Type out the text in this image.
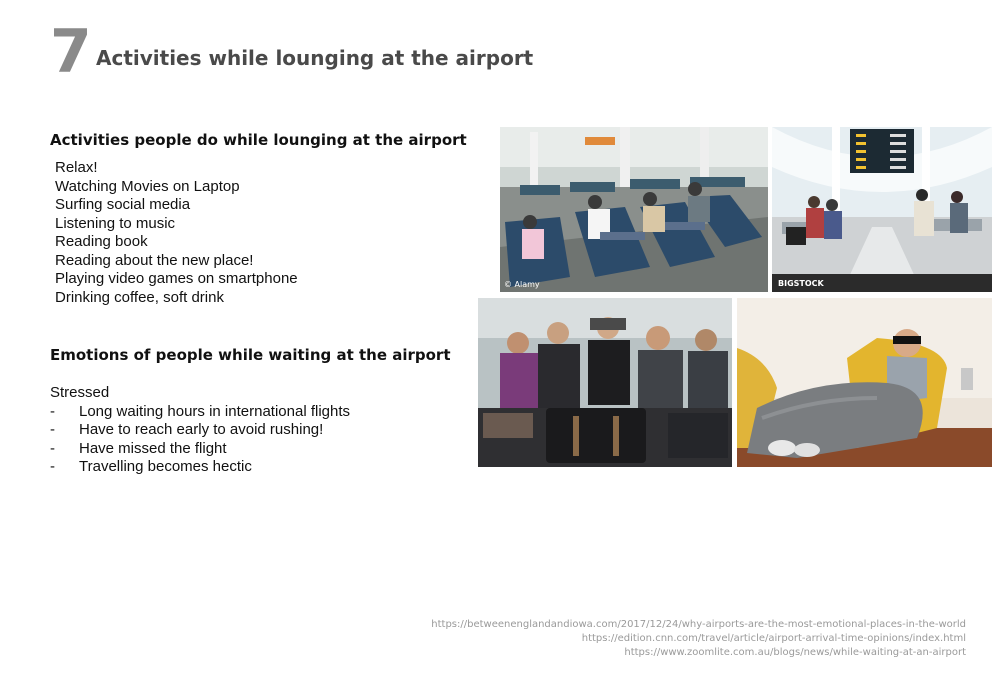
7 Activities while lounging at the airport
Activities people do while lounging at the airport
Relax!
Watching Movies on Laptop
Surfing social media
Listening to music
Reading book
Reading about the new place!
Playing video games on smartphone
Drinking coffee, soft drink
Emotions of people while waiting at the airport
Stressed
- Long waiting hours in international flights
- Have to reach early to avoid rushing!
- Have missed the flight
- Travelling becomes hectic
© Alamy	BIGSTOCK
https://betweenenglandandiowa.com/2017/12/24/why-airports-are-the-most-emotional-places-in-the-world
https://edition.cnn.com/travel/article/airport-arrival-time-opinions/index.html
https://www.zoomlite.com.au/blogs/news/while-waiting-at-an-airport
